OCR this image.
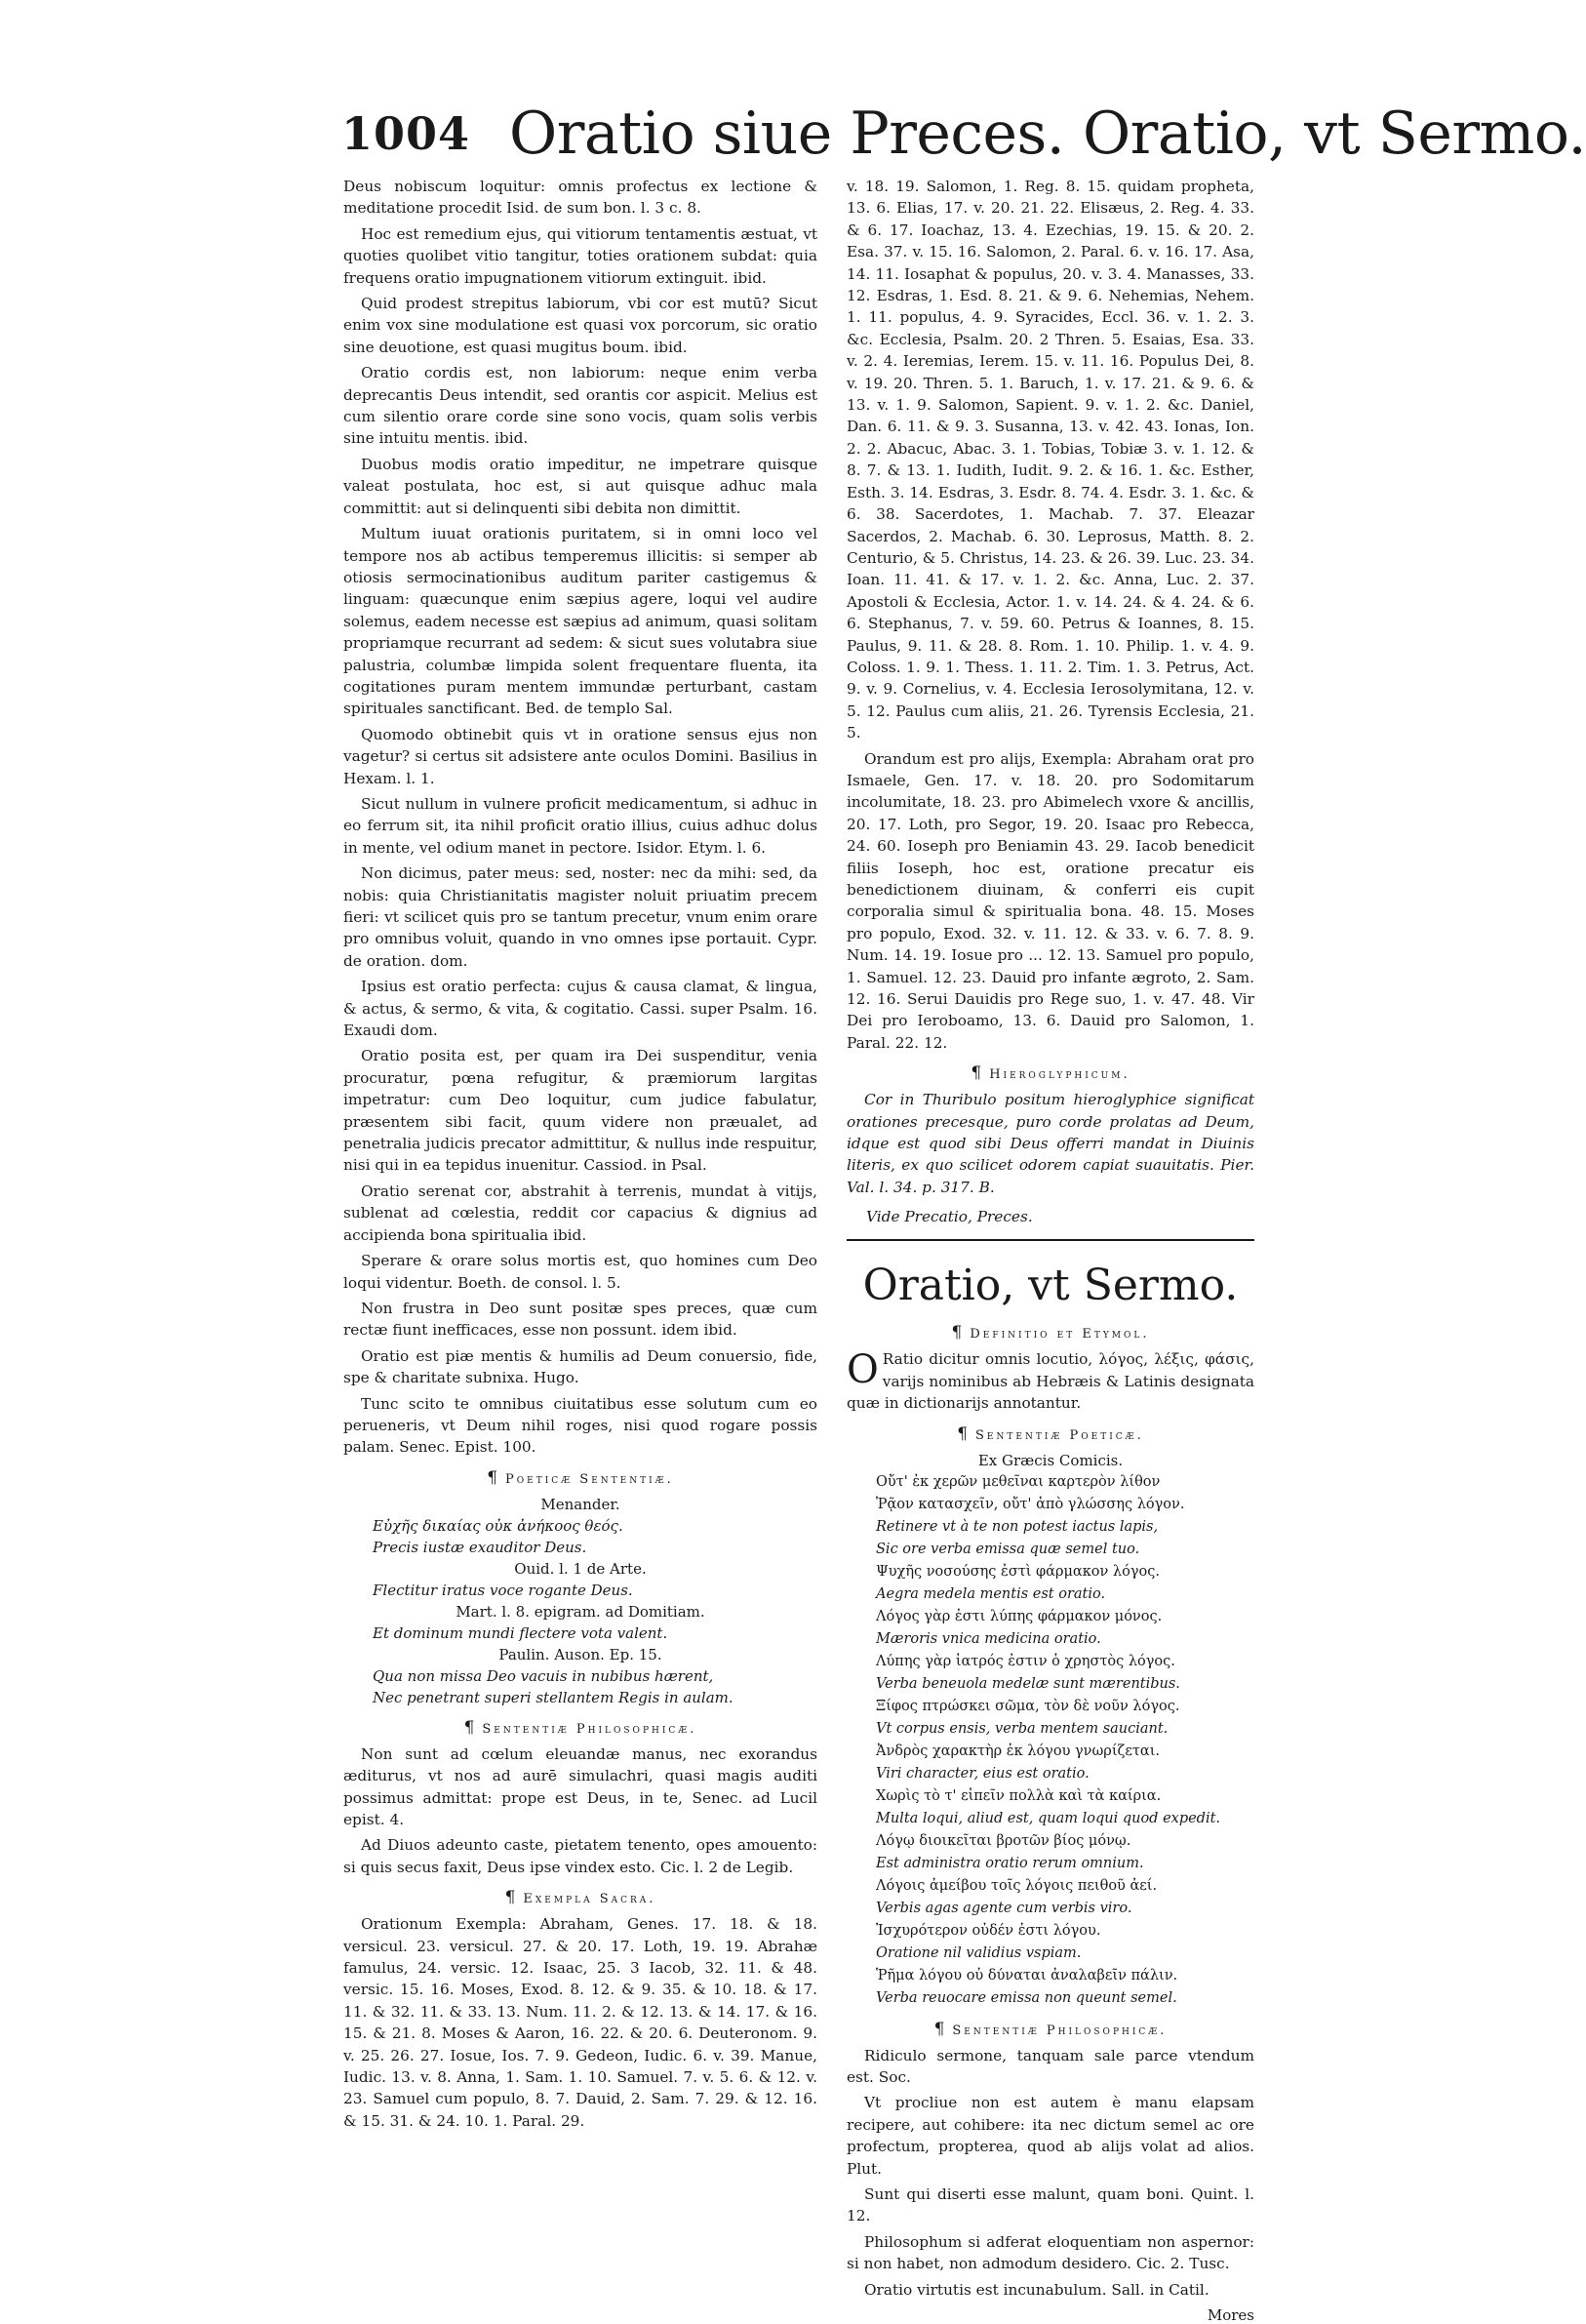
1004 Oratio siue Preces. Oratio, vt Sermo.

Deus nobiscum loquitur: omnis profectus ex lectione & meditatione procedit Isid. de sum bon. l. 3 c. 8.

Hoc est remedium ejus, qui vitiorum tentamentis æstuat, vt quoties quolibet vitio tangitur, toties orationem subdat: quia frequens oratio impugnationem vitiorum extinguit. ibid.

Quid prodest strepitus labiorum, vbi cor est mutū? Sicut enim vox sine modulatione est quasi vox porcorum, sic oratio sine deuotione, est quasi mugitus boum. ibid.

Oratio cordis est, non labiorum: neque enim verba deprecantis Deus intendit, sed orantis cor aspicit. Melius est cum silentio orare corde sine sono vocis, quam solis verbis sine intuitu mentis. ibid.

Duobus modis oratio impeditur, ne impetrare quisque valeat postulata, hoc est, si aut quisque adhuc mala committit: aut si delinquenti sibi debita non dimittit.

Multum iuuat orationis puritatem, si in omni loco vel tempore nos ab actibus temperemus illicitis: si semper ab otiosis sermocinationibus auditum pariter castigemus & linguam: quæcunque enim sæpius agere, loqui vel audire solemus, eadem necesse est sæpius ad animum, quasi solitam propriamque recurrant ad sedem: & sicut sues volutabra siue palustria, columbæ limpida solent frequentare fluenta, ita cogitationes puram mentem immundæ perturbant, castam spirituales sanctificant. Bed. de templo Sal.

Quomodo obtinebit quis vt in oratione sensus ejus non vagetur? si certus sit adsistere ante oculos Domini. Basilius in Hexam. l. 1.

Sicut nullum in vulnere proficit medicamentum, si adhuc in eo ferrum sit, ita nihil proficit oratio illius, cuius adhuc dolus in mente, vel odium manet in pectore. Isidor. Etym. l. 6.

Non dicimus, pater meus: sed, noster: nec da mihi: sed, da nobis: quia Christianitatis magister noluit priuatim precem fieri: vt scilicet quis pro se tantum precetur, vnum enim orare pro omnibus voluit, quando in vno omnes ipse portauit. Cypr. de oration. dom.

Ipsius est oratio perfecta: cujus & causa clamat, & lingua, & actus, & sermo, & vita, & cogitatio. Cassi. super Psalm. 16. Exaudi dom.

Oratio posita est, per quam ira Dei suspenditur, venia procuratur, pœna refugitur, & præmiorum largitas impetratur: cum Deo loquitur, cum judice fabulatur, præsentem sibi facit, quum videre non præualet, ad penetralia judicis precator admittitur, & nullus inde respuitur, nisi qui in ea tepidus inuenitur. Cassiod. in Psal.

Oratio serenat cor, abstrahit à terrenis, mundat à vitijs, sublenat ad cœlestia, reddit cor capacius & dignius ad accipienda bona spiritualia ibid.

Sperare & orare solus mortis est, quo homines cum Deo loqui videntur. Boeth. de consol. l. 5.

Non frustra in Deo sunt positæ spes preces, quæ cum rectæ fiunt inefficaces, esse non possunt. idem ibid.

Oratio est piæ mentis & humilis ad Deum conuersio, fide, spe & charitate subnixa. Hugo.

Tunc scito te omnibus ciuitatibus esse solutum cum eo perueneris, vt Deum nihil roges, nisi quod rogare possis palam. Senec. Epist. 100.

¶ Poeticæ Sententiæ.
Menander.
Εὐχῆς δικαίας οὐκ ἀνήκοος θεός.
Precis iustæ exauditor Deus.
Ouid. l. 1 de Arte.
Flectitur iratus voce rogante Deus.
Mart. l. 8. epigram. ad Domitiam.
Et dominum mundi flectere vota valent.
Paulin. Auson. Ep. 15.
Qua non missa Deo vacuis in nubibus hærent,
Nec penetrant superi stellantem Regis in aulam.
¶ Sententiæ Philosophicæ.

Non sunt ad cœlum eleuandæ manus, nec exorandus æditurus, vt nos ad aurē simulachri, quasi magis auditi possimus admittat: prope est Deus, in te, Senec. ad Lucil epist. 4.

Ad Diuos adeunto caste, pietatem tenento, opes amouento: si quis secus faxit, Deus ipse vindex esto. Cic. l. 2 de Legib.

¶ Exempla Sacra.

Orationum Exempla: Abraham, Genes. 17. 18. & 18. versicul. 23. versicul. 27. & 20. 17. Loth, 19. 19. Abrahæ famulus, 24. versic. 12. Isaac, 25. 3 Iacob, 32. 11. & 48. versic. 15. 16. Moses, Exod. 8. 12. & 9. 35. & 10. 18. & 17. 11. & 32. 11. & 33. 13. Num. 11. 2. & 12. 13. & 14. 17. & 16. 15. & 21. 8. Moses & Aaron, 16. 22. & 20. 6. Deuteronom. 9. v. 25. 26. 27. Iosue, Ios. 7. 9. Gedeon, Iudic. 6. v. 39. Manue, Iudic. 13. v. 8. Anna, 1. Sam. 1. 10. Samuel. 7. v. 5. 6. & 12. v. 23. Samuel cum populo, 8. 7. Dauid, 2. Sam. 7. 29. & 12. 16. & 15. 31. & 24. 10. 1. Paral. 29.

v. 18. 19. Salomon, 1. Reg. 8. 15. quidam propheta, 13. 6. Elias, 17. v. 20. 21. 22. Elisæus, 2. Reg. 4. 33. & 6. 17. Ioachaz, 13. 4. Ezechias, 19. 15. & 20. 2. Esa. 37. v. 15. 16. Salomon, 2. Paral. 6. v. 16. 17. Asa, 14. 11. Iosaphat & populus, 20. v. 3. 4. Manasses, 33. 12. Esdras, 1. Esd. 8. 21. & 9. 6. Nehemias, Nehem. 1. 11. populus, 4. 9. Syracides, Eccl. 36. v. 1. 2. 3. &c. Ecclesia, Psalm. 20. 2 Thren. 5. Esaias, Esa. 33. v. 2. 4. Ieremias, Ierem. 15. v. 11. 16. Populus Dei, 8. v. 19. 20. Thren. 5. 1. Baruch, 1. v. 17. 21. & 9. 6. & 13. v. 1. 9. Salomon, Sapient. 9. v. 1. 2. &c. Daniel, Dan. 6. 11. & 9. 3. Susanna, 13. v. 42. 43. Ionas, Ion. 2. 2. Abacuc, Abac. 3. 1. Tobias, Tobiæ 3. v. 1. 12. & 8. 7. & 13. 1. Iudith, Iudit. 9. 2. & 16. 1. &c. Esther, Esth. 3. 14. Esdras, 3. Esdr. 8. 74. 4. Esdr. 3. 1. &c. & 6. 38. Sacerdotes, 1. Machab. 7. 37. Eleazar Sacerdos, 2. Machab. 6. 30. Leprosus, Matth. 8. 2. Centurio, & 5. Christus, 14. 23. & 26. 39. Luc. 23. 34. Ioan. 11. 41. & 17. v. 1. 2. &c. Anna, Luc. 2. 37. Apostoli & Ecclesia, Actor. 1. v. 14. 24. & 4. 24. & 6. 6. Stephanus, 7. v. 59. 60. Petrus & Ioannes, 8. 15. Paulus, 9. 11. & 28. 8. Rom. 1. 10. Philip. 1. v. 4. 9. Coloss. 1. 9. 1. Thess. 1. 11. 2. Tim. 1. 3. Petrus, Act. 9. v. 9. Cornelius, v. 4. Ecclesia Ierosolymitana, 12. v. 5. 12. Paulus cum aliis, 21. 26. Tyrensis Ecclesia, 21. 5.

Orandum est pro alijs, Exempla: Abraham orat pro Ismaele, Gen. 17. v. 18. 20. pro Sodomitarum incolumitate, 18. 23. pro Abimelech vxore & ancillis, 20. 17. Loth, pro Segor, 19. 20. Isaac pro Rebecca, 24. 60. Ioseph pro Beniamin 43. 29. Iacob benedicit filiis Ioseph, hoc est, oratione precatur eis benedictionem diuinam, & conferri eis cupit corporalia simul & spiritualia bona. 48. 15. Moses pro populo, Exod. 32. v. 11. 12. & 33. v. 6. 7. 8. 9. Num. 14. 19. Iosue pro ... 12. 13. Samuel pro populo, 1. Samuel. 12. 23. Dauid pro infante ægroto, 2. Sam. 12. 16. Serui Dauidis pro Rege suo, 1. v. 47. 48. Vir Dei pro Ieroboamo, 13. 6. Dauid pro Salomon, 1. Paral. 22. 12.

¶ Hieroglyphicum.

Cor in Thuribulo positum hieroglyphice significat orationes precesque, puro corde prolatas ad Deum, idque est quod sibi Deus offerri mandat in Diuinis literis, ex quo scilicet odorem capiat suauitatis. Pier. Val. l. 34. p. 317. B.

Vide Precatio, Preces.
Oratio, vt Sermo.
¶ Definitio et Etymol.

O Ratio dicitur omnis locutio, λόγος, λέξις, φάσις, varijs nominibus ab Hebræis & Latinis designata quæ in dictionarijs annotantur.

¶ Sententiæ Poeticæ.
Ex Græcis Comicis.
Οὔτ' ἐκ χερῶν μεθεῖναι καρτερὸν λίθον
Ῥᾷον κατασχεῖν, οὔτ' ἀπὸ γλώσσης λόγον.
Retinere vt à te non potest iactus lapis,
Sic ore verba emissa quæ semel tuo.
Ψυχῆς νοσούσης ἐστὶ φάρμακον λόγος.
Aegra medela mentis est oratio.
Λόγος γὰρ ἐστι λύπης φάρμακον μόνος.
Mæroris vnica medicina oratio.
Λύπης γὰρ ἰατρός ἐστιν ὁ χρηστὸς λόγος.
Verba beneuola medelæ sunt mærentibus.
Ξίφος πτρώσκει σῶμα, τὸν δὲ νοῦν λόγος.
Vt corpus ensis, verba mentem sauciant.
Ἀνδρὸς χαρακτὴρ ἐκ λόγου γνωρίζεται.
Viri character, eius est oratio.
Χωρὶς τὸ τ' εἰπεῖν πολλὰ καὶ τὰ καίρια.
Multa loqui, aliud est, quam loqui quod expedit.
Λόγῳ διοικεῖται βροτῶν βίος μόνῳ.
Est administra oratio rerum omnium.
Λόγοις ἀμείβου τοῖς λόγοις πειθοῦ ἀεί.
Verbis agas agente cum verbis viro.
Ἰσχυρότερον οὐδέν ἐστι λόγου.
Oratione nil validius vspiam.
Ῥῆμα λόγου οὐ δύναται ἀναλαβεῖν πάλιν.
Verba reuocare emissa non queunt semel.
¶ Sententiæ Philosophicæ.

Ridiculo sermone, tanquam sale parce vtendum est. Soc.

Vt procliue non est autem è manu elapsam recipere, aut cohibere: ita nec dictum semel ac ore profectum, propterea, quod ab alijs volat ad alios. Plut.

Sunt qui diserti esse malunt, quam boni. Quint. l. 12.

Philosophum si adferat eloquentiam non aspernor: si non habet, non admodum desidero. Cic. 2. Tusc.

Oratio virtutis est incunabulum. Sall. in Catil.

Mores
